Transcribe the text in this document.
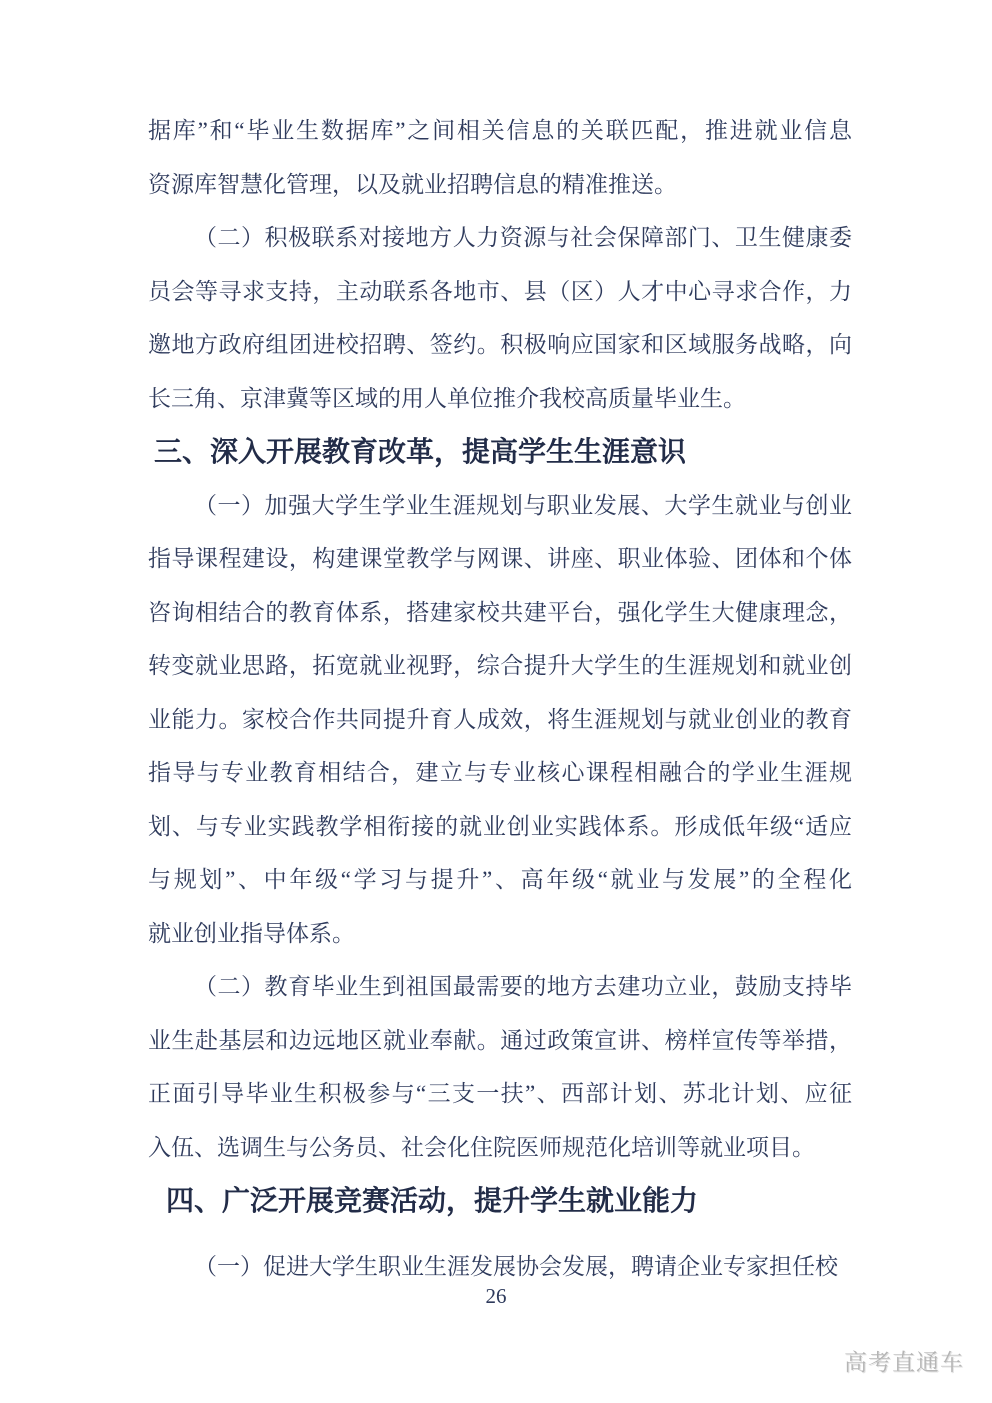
据库”和“毕业生数据库”之间相关信息的关联匹配，推进就业信息
资源库智慧化管理，以及就业招聘信息的精准推送。
（二）积极联系对接地方人力资源与社会保障部门、卫生健康委
员会等寻求支持，主动联系各地市、县（区）人才中心寻求合作，力
邀地方政府组团进校招聘、签约。积极响应国家和区域服务战略，向
长三角、京津冀等区域的用人单位推介我校高质量毕业生。
三、深入开展教育改革，提高学生生涯意识
（一）加强大学生学业生涯规划与职业发展、大学生就业与创业
指导课程建设，构建课堂教学与网课、讲座、职业体验、团体和个体
咨询相结合的教育体系，搭建家校共建平台，强化学生大健康理念，
转变就业思路，拓宽就业视野，综合提升大学生的生涯规划和就业创
业能力。家校合作共同提升育人成效，将生涯规划与就业创业的教育
指导与专业教育相结合，建立与专业核心课程相融合的学业生涯规
划、与专业实践教学相衔接的就业创业实践体系。形成低年级“适应
与规划”、中年级“学习与提升”、高年级“就业与发展”的全程化
就业创业指导体系。
（二）教育毕业生到祖国最需要的地方去建功立业，鼓励支持毕
业生赴基层和边远地区就业奉献。通过政策宣讲、榜样宣传等举措，
正面引导毕业生积极参与“三支一扶”、西部计划、苏北计划、应征
入伍、选调生与公务员、社会化住院医师规范化培训等就业项目。
四、广泛开展竞赛活动，提升学生就业能力
（一）促进大学生职业生涯发展协会发展，聘请企业专家担任校
26
高考直通车
